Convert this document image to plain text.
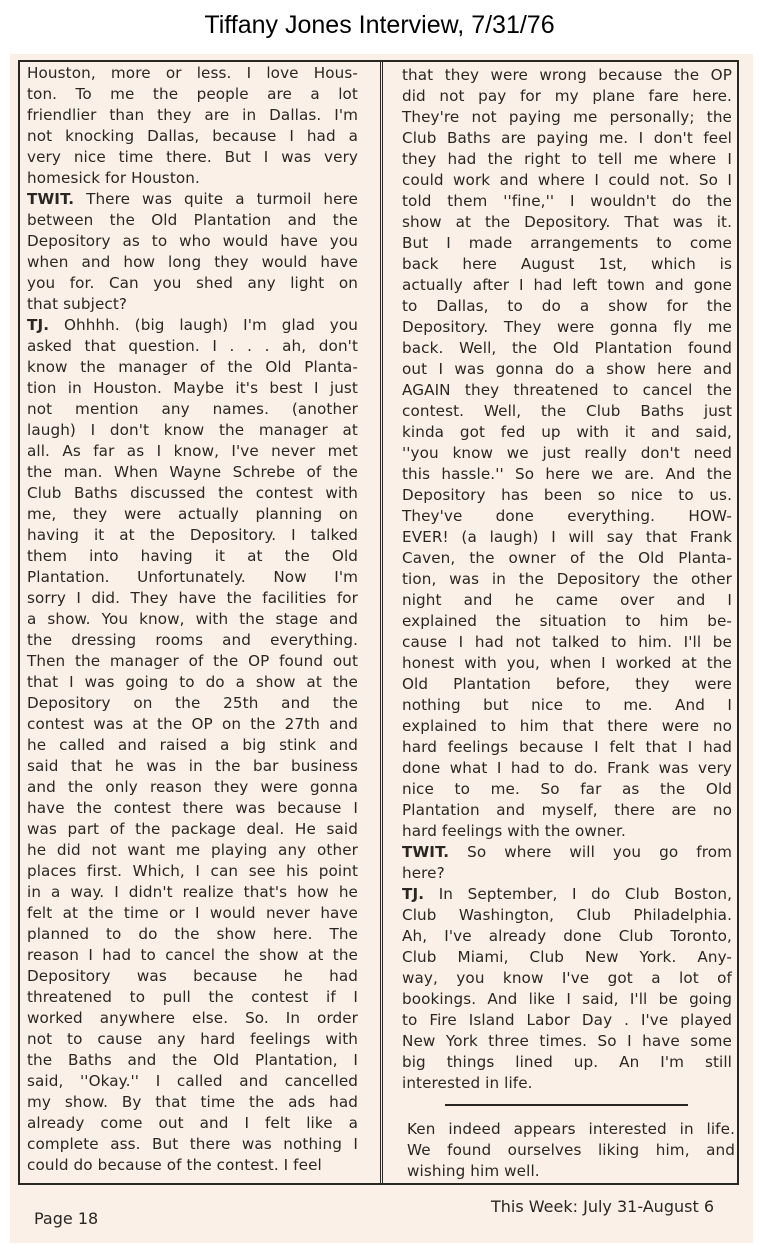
Tiffany Jones Interview, 7/31/76
Houston, more or less. I love Hous-
ton. To me the people are a lot
friendlier than they are in Dallas. I'm
not knocking Dallas, because I had a
very nice time there. But I was very
homesick for Houston.
TWIT. There was quite a turmoil here
between the Old Plantation and the
Depository as to who would have you
when and how long they would have
you for. Can you shed any light on
that subject?
TJ. Ohhhh. (big laugh) I'm glad you
asked that question. I . . . ah, don't
know the manager of the Old Planta-
tion in Houston. Maybe it's best I just
not mention any names. (another
laugh) I don't know the manager at
all. As far as I know, I've never met
the man. When Wayne Schrebe of the
Club Baths discussed the contest with
me, they were actually planning on
having it at the Depository. I talked
them into having it at the Old
Plantation. Unfortunately. Now I'm
sorry I did. They have the facilities for
a show. You know, with the stage and
the dressing rooms and everything.
Then the manager of the OP found out
that I was going to do a show at the
Depository on the 25th and the
contest was at the OP on the 27th and
he called and raised a big stink and
said that he was in the bar business
and the only reason they were gonna
have the contest there was because I
was part of the package deal. He said
he did not want me playing any other
places first. Which, I can see his point
in a way. I didn't realize that's how he
felt at the time or I would never have
planned to do the show here. The
reason I had to cancel the show at the
Depository was because he had
threatened to pull the contest if I
worked anywhere else. So. In order
not to cause any hard feelings with
the Baths and the Old Plantation, I
said, ''Okay.'' I called and cancelled
my show. By that time the ads had
already come out and I felt like a
complete ass. But there was nothing I
could do because of the contest. I feel
that they were wrong because the OP
did not pay for my plane fare here.
They're not paying me personally; the
Club Baths are paying me. I don't feel
they had the right to tell me where I
could work and where I could not. So I
told them ''fine,'' I wouldn't do the
show at the Depository. That was it.
But I made arrangements to come
back here August 1st, which is
actually after I had left town and gone
to Dallas, to do a show for the
Depository. They were gonna fly me
back. Well, the Old Plantation found
out I was gonna do a show here and
AGAIN they threatened to cancel the
contest. Well, the Club Baths just
kinda got fed up with it and said,
''you know we just really don't need
this hassle.'' So here we are. And the
Depository has been so nice to us.
They've done everything. HOW-
EVER! (a laugh) I will say that Frank
Caven, the owner of the Old Planta-
tion, was in the Depository the other
night and he came over and I
explained the situation to him be-
cause I had not talked to him. I'll be
honest with you, when I worked at the
Old Plantation before, they were
nothing but nice to me. And I
explained to him that there were no
hard feelings because I felt that I had
done what I had to do. Frank was very
nice to me. So far as the Old
Plantation and myself, there are no
hard feelings with the owner.
TWIT. So where will you go from
here?
TJ. In September, I do Club Boston,
Club Washington, Club Philadelphia.
Ah, I've already done Club Toronto,
Club Miami, Club New York. Any-
way, you know I've got a lot of
bookings. And like I said, I'll be going
to Fire Island Labor Day . I've played
New York three times. So I have some
big things lined up. An I'm still
interested in life.
Ken indeed appears interested in life.
We found ourselves liking him, and
wishing him well.
Page 18
This Week: July 31-August 6
